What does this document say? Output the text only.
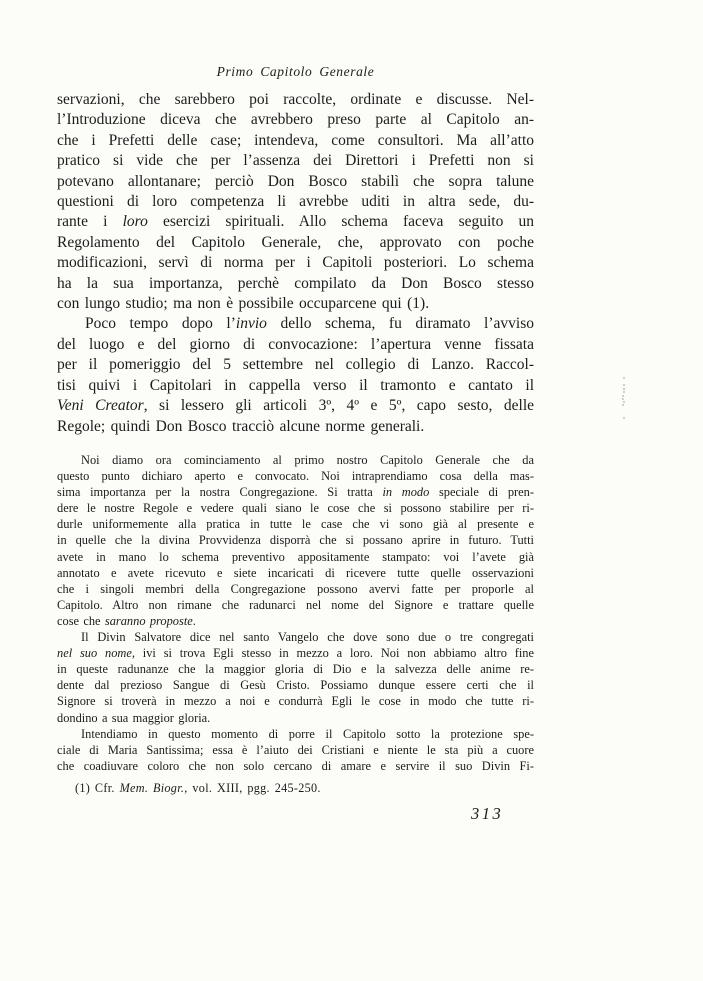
Primo Capitolo Generale
servazioni, che sarebbero poi raccolte, ordinate e discusse. Nel-
l’Introduzione diceva che avrebbero preso parte al Capitolo an-
che i Prefetti delle case; intendeva, come consultori. Ma all’atto
pratico si vide che per l’assenza dei Direttori i Prefetti non si
potevano allontanare; perciò Don Bosco stabilì che sopra talune
questioni di loro competenza li avrebbe uditi in altra sede, du-
rante i loro esercizi spirituali. Allo schema faceva seguito un
Regolamento del Capitolo Generale, che, approvato con poche
modificazioni, servì di norma per i Capitoli posteriori. Lo schema
ha la sua importanza, perchè compilato da Don Bosco stesso
con lungo studio; ma non è possibile occuparcene qui (1).
Poco tempo dopo l’invio dello schema, fu diramato l’avviso
del luogo e del giorno di convocazione: l’apertura venne fissata
per il pomeriggio del 5 settembre nel collegio di Lanzo. Raccol-
tisi quivi i Capitolari in cappella verso il tramonto e cantato il
Veni Creator, si lessero gli articoli 3º, 4º e 5º, capo sesto, delle
Regole; quindi Don Bosco tracciò alcune norme generali.
Noi diamo ora cominciamento al primo nostro Capitolo Generale che da
questo punto dichiaro aperto e convocato. Noi intraprendiamo cosa della mas-
sima importanza per la nostra Congregazione. Si tratta in modo speciale di pren-
dere le nostre Regole e vedere quali siano le cose che si possono stabilire per ri-
durle uniformemente alla pratica in tutte le case che vi sono già al presente e
in quelle che la divina Provvidenza disporrà che si possano aprire in futuro. Tutti
avete in mano lo schema preventivo appositamente stampato: voi l’avete già
annotato e avete ricevuto e siete incaricati di ricevere tutte quelle osservazioni
che i singoli membri della Congregazione possono avervi fatte per proporle al
Capitolo. Altro non rimane che radunarci nel nome del Signore e trattare quelle
cose che saranno proposte.
Il Divin Salvatore dice nel santo Vangelo che dove sono due o tre congregati
nel suo nome, ivi si trova Egli stesso in mezzo a loro. Noi non abbiamo altro fine
in queste radunanze che la maggior gloria di Dio e la salvezza delle anime re-
dente dal prezioso Sangue di Gesù Cristo. Possiamo dunque essere certi che il
Signore si troverà in mezzo a noi e condurrà Egli le cose in modo che tutte ri-
dondino a sua maggior gloria.
Intendiamo in questo momento di porre il Capitolo sotto la protezione spe-
ciale di Maria Santissima; essa è l’aiuto dei Cristiani e niente le sta più a cuore
che coadiuvare coloro che non solo cercano di amare e servire il suo Divin Fi-
(1) Cfr. Mem. Biogr., vol. XIII, pgg. 245-250.
313
